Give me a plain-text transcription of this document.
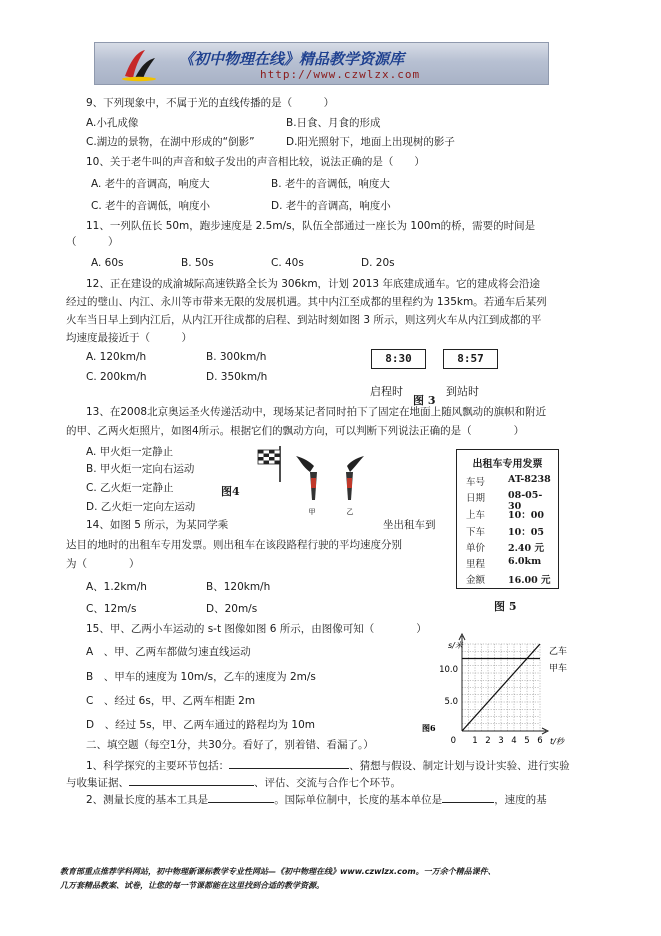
《初中物理在线》精品教学资源库
http://www.czwlzx.com
9、下列现象中，不属于光的直线传播的是（　　　）
A.小孔成像	B.日食、月食的形成
C.湖边的景物，在湖中形成的“倒影”	D.阳光照射下，地面上出现树的影子
10、关于老牛叫的声音和蚊子发出的声音相比较，说法正确的是（　　）
A. 老牛的音调高，响度大	B. 老牛的音调低，响度大
C. 老牛的音调低，响度小	D. 老牛的音调高，响度小
11、一列队伍长 50m，跑步速度是 2.5m/s，队伍全部通过一座长为 100m的桥，需要的时间是
（　　　）
A. 60s	B. 50s	C. 40s	D. 20s
12、正在建设的成渝城际高速铁路全长为 306km，计划 2013 年底建成通车。它的建成将会沿途
经过的璧山、内江、永川等市带来无限的发展机遇。其中内江至成都的里程约为 135km。若通车后某列
火车当日早上到内江后，从内江开往成都的启程、到站时刻如图 3 所示，则这列火车从内江到成都的平
均速度最接近于（　　　）
A. 120km/h	B. 300km/h
C. 200km/h	D. 350km/h
8:30	8:57
启程时	到站时
图 3
13、在2008北京奥运圣火传递活动中，现场某记者同时拍下了固定在地面上随风飘动的旗帜和附近
的甲、乙两火炬照片，如图4所示。根据它们的飘动方向，可以判断下列说法正确的是（　　　　）
A. 甲火炬一定静止
B. 甲火炬一定向右运动
C. 乙火炬一定静止
D. 乙火炬一定向左运动
图4
甲	乙
出租车专用发票
车号 AT-8238
日期 08-05-30
上车 10：00
下车 10：05
单价 2.40 元
里程 6.0km
金额 16.00 元
图 5
14、如图 5 所示，为某同学乘	坐出租车到
达目的地时的出租车专用发票。则出租车在该段路程行驶的平均速度分别
为（　　　　）
A、1.2km/h	B、120km/h
C、12m/s	D、20m/s
15、甲、乙两小车运动的 s-t 图像如图 6 所示，由图像可知（　　　　）
A　、甲、乙两车都做匀速直线运动
B　、甲车的速度为 10m/s，乙车的速度为 2m/s
C　、经过 6s，甲、乙两车相距 2m
D　、经过 5s，甲、乙两车通过的路程均为 10m
s/米
t/秒
10.0
5.0
0 1 2 3 4 5 6
乙车
甲车
图6
二、填空题（每空1分，共30分。看好了，别着错、看漏了。）
1、科学探究的主要环节包括：	、猜想与假设、制定计划与设计实验、进行实验
与收集证据、	、评估、交流与合作七个环节。
2、测量长度的基本工具是	。国际单位制中，长度的基本单位是	，速度的基
教育部重点推荐学科网站，初中物理新课标教学专业性网站—《初中物理在线》www.czwlzx.com。一万余个精品课件、
几万套精品教案、试卷，让您的每一节课都能在这里找到合适的教学资源。
